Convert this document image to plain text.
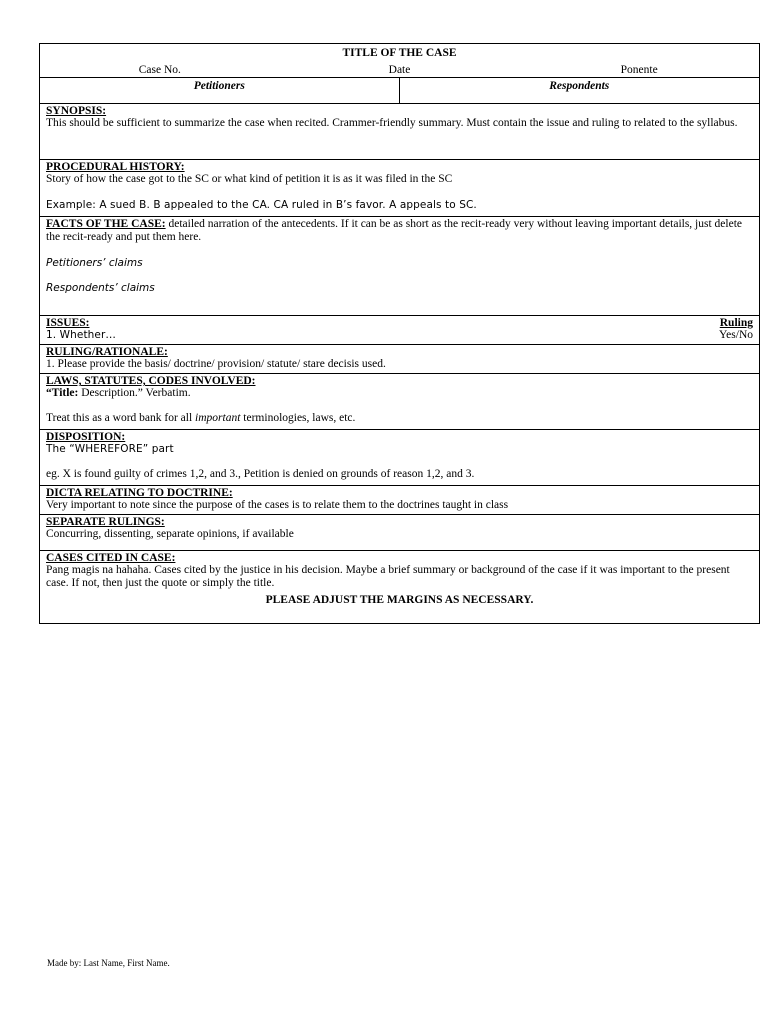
TITLE OF THE CASE
Case No.	Date	Ponente
Petitioners	Respondents
SYNOPSIS:
This should be sufficient to summarize the case when recited. Crammer-friendly summary. Must contain the issue and ruling to related to the syllabus.
PROCEDURAL HISTORY:
Story of how the case got to the SC or what kind of petition it is as it was filed in the SC
Example: A sued B. B appealed to the CA. CA ruled in B’s favor. A appeals to SC.
FACTS OF THE CASE: detailed narration of the antecedents. If it can be as short as the recit-ready very without leaving important details, just delete the recit-ready and put them here.
Petitioners’ claims
Respondents’ claims
ISSUES:	Ruling
1. Whether…	Yes/No
RULING/RATIONALE:
1. Please provide the basis/ doctrine/ provision/ statute/ stare decisis used.
LAWS, STATUTES, CODES INVOLVED:
“Title: Description.” Verbatim.
Treat this as a word bank for all important terminologies, laws, etc.
DISPOSITION:
The “WHEREFORE” part
eg. X is found guilty of crimes 1,2, and 3., Petition is denied on grounds of reason 1,2, and 3.
DICTA RELATING TO DOCTRINE:
Very important to note since the purpose of the cases is to relate them to the doctrines taught in class
SEPARATE RULINGS:
Concurring, dissenting, separate opinions, if available
CASES CITED IN CASE:
Pang magis na hahaha. Cases cited by the justice in his decision. Maybe a brief summary or background of the case if it was important to the present case. If not, then just the quote or simply the title.
PLEASE ADJUST THE MARGINS AS NECESSARY.
Made by: Last Name, First Name.
